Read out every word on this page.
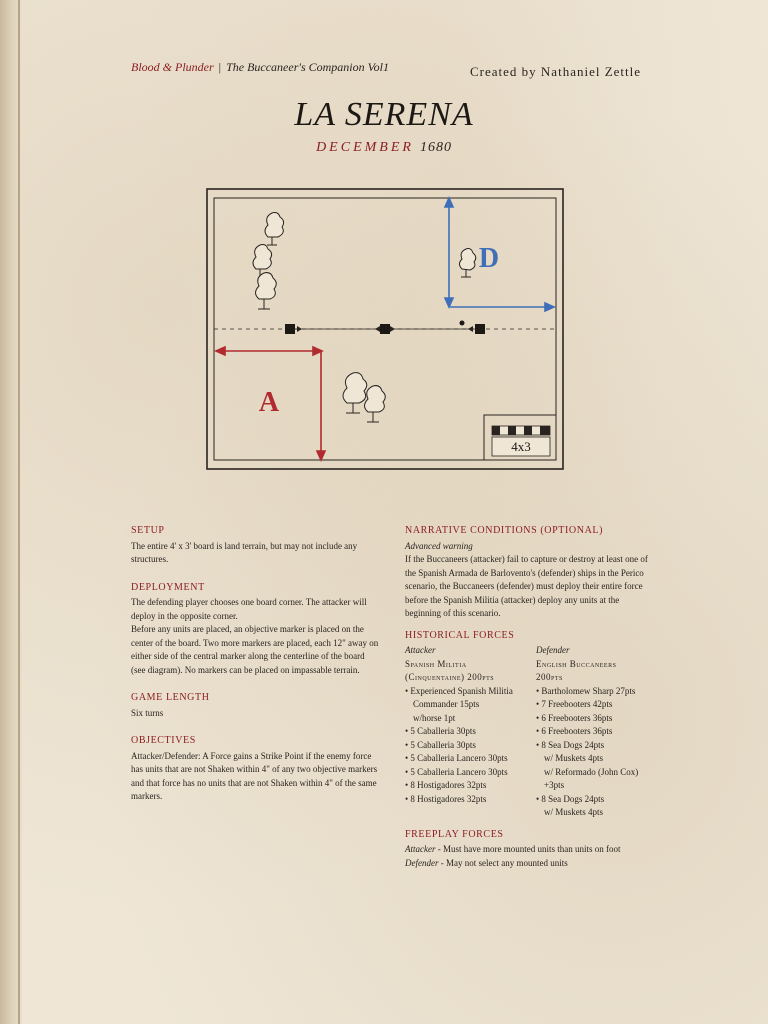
Blood & Plunder | The Buccaneer's Companion Vol1	Created by Nathaniel Zettle
LA SERENA
DECEMBER 1680
D
A
4x3
SETUP

The entire 4' x 3' board is land terrain, but may not include any structures.

DEPLOYMENT

The defending player chooses one board corner. The attacker will deploy in the opposite corner.

Before any units are placed, an objective marker is placed on the center of the board. Two more markers are placed, each 12" away on either side of the central marker along the centerline of the board (see diagram). No markers can be placed on impassable terrain.

GAME LENGTH

Six turns

OBJECTIVES

Attacker/Defender: A Force gains a Strike Point if the enemy force has units that are not Shaken within 4" of any two objective markers and that force has no units that are not Shaken within 4" of the same markers.

NARRATIVE CONDITIONS (OPTIONAL)

Advanced warning

If the Buccaneers (attacker) fail to capture or destroy at least one of the Spanish Armada de Barlovento's (defender) ships in the Perico scenario, the Buccaneers (defender) must deploy their entire force before the Spanish Militia (attacker) deploy any units at the beginning of this scenario.

HISTORICAL FORCES

Attacker

Spanish Militia

(Cinquentaine) 200pts

• Experienced Spanish Militia
Commander 15pts
w/horse 1pt
• 5 Caballeria 30pts
• 5 Caballeria 30pts
• 5 Caballeria Lancero 30pts
• 5 Caballeria Lancero 30pts
• 8 Hostigadores 32pts
• 8 Hostigadores 32pts

Defender

English Buccaneers

200pts

• Bartholomew Sharp 27pts
• 7 Freebooters 42pts
• 6 Freebooters 36pts
• 6 Freebooters 36pts
• 8 Sea Dogs 24pts
w/ Muskets 4pts
w/ Reformado (John Cox) +3pts
• 8 Sea Dogs 24pts
w/ Muskets 4pts
FREEPLAY FORCES

Attacker - Must have more mounted units than units on foot

Defender - May not select any mounted units
